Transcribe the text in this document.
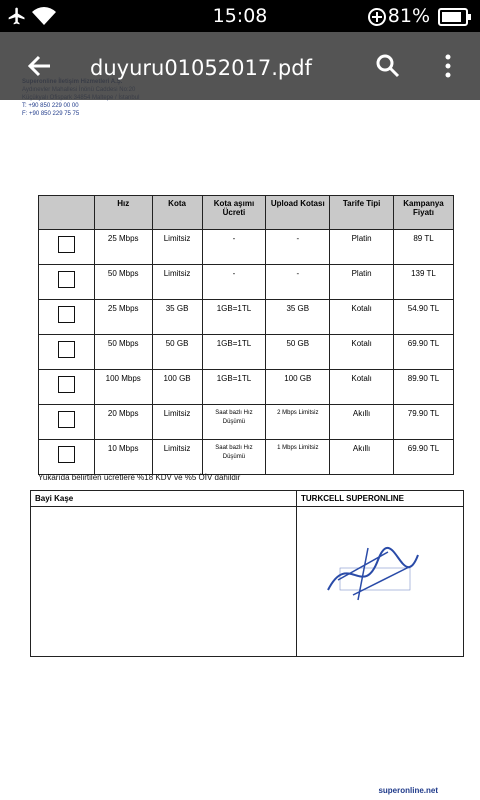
15:08	81%
duyuru01052017.pdf
T: +90 850 229 00 00
F: +90 850 229 75 75
	Hız	Kota	Kota aşımı Ücreti	Upload Kotası	Tarife Tipi	Kampanya Fiyatı
	25 Mbps	Limitsiz	-	-	Platin	89 TL
	50 Mbps	Limitsiz	-	-	Platin	139 TL
	25 Mbps	35 GB	1GB=1TL	35 GB	Kotalı	54.90 TL
	50 Mbps	50 GB	1GB=1TL	50 GB	Kotalı	69.90 TL
	100 Mbps	100 GB	1GB=1TL	100 GB	Kotalı	89.90 TL
	20 Mbps	Limitsiz	Saat bazlı Hız Düşümü	2 Mbps Limitsiz	Akıllı	79.90 TL
	10 Mbps	Limitsiz	Saat bazlı Hız Düşümü	1 Mbps Limitsiz	Akıllı	69.90 TL
Yukarıda belirtilen ücretlere %18 KDV ve %5 ÖİV dahildir
Bayi Kaşe	TURKCELL SUPERONLINE
superonline.net
